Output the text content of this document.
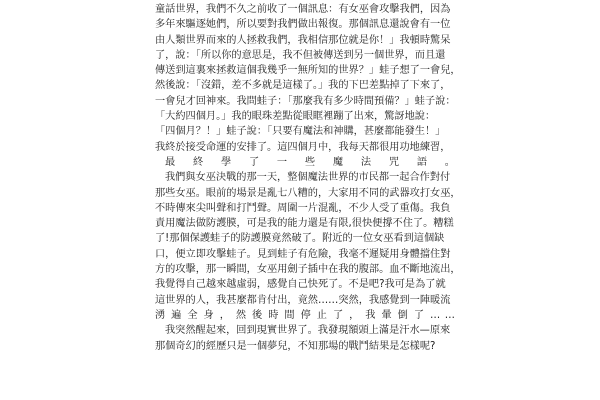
童話世界，我們不久之前收了一個訊息：有女巫會攻擊我們，因為
多年來驅逐她們，所以要對我們做出報復。那個訊息還說會有一位
由人類世界而來的人拯救我們，我相信那位就是你！」我頓時驚呆
了，說：「所以你的意思是，我不但被傳送到另一個世界，而且還
傳送到這裏來拯救這個我幾乎一無所知的世界？」蛙子想了一會兒，
然後說：「沒錯，差不多就是這樣了。」我的下巴差點掉了下來了，
一會兒才回神來。我問蛙子：「那麼我有多少時間預備？」蛙子說：
「大約四個月。」我的眼珠差點從眼眶裡蹦了出來，驚訝地說：
「四個月？！」蛙子說：「只要有魔法和神購，甚麼都能發生！」
我終於接受命運的安排了。這四個月中，我每天都很用功地練習，
最 終 學 了 一 些 魔 法 咒 語 。
我們與女巫決戰的那一天，整個魔法世界的市民都一起合作對付
那些女巫。眼前的場景是亂七八糟的，大家用不同的武器攻打女巫，
不時傳來尖叫聲和打鬥聲。周圍一片混亂，不少人受了重傷。我負
責用魔法做防護膜，可是我的能力還是有限,很快便撐不住了。糟糕
了!那個保護蛙子的防護膜竟然破了。附近的一位女巫看到這個缺
口，便立即攻擊蛙子。見到蛙子有危險，我毫不遲疑用身體擋住對
方的攻擊，那一瞬間，女巫用劍子插中在我的腹部。血不斷地流出，
我覺得自己越來越虛弱，感覺自己快死了。不是吧?我可是為了就
這世界的人，我甚麼都肯付出，竟然……突然，我感覺到一陣暖流
湧 遍 全 身 ， 然 後 時 間 停 止 了 ， 我 暈 倒 了 … …
我突然醒起來，回到現實世界了。我發現額頭上滿是汗水—原來
那個奇幻的經歷只是一個夢兒，不知那場的戰鬥結果是怎樣呢?
